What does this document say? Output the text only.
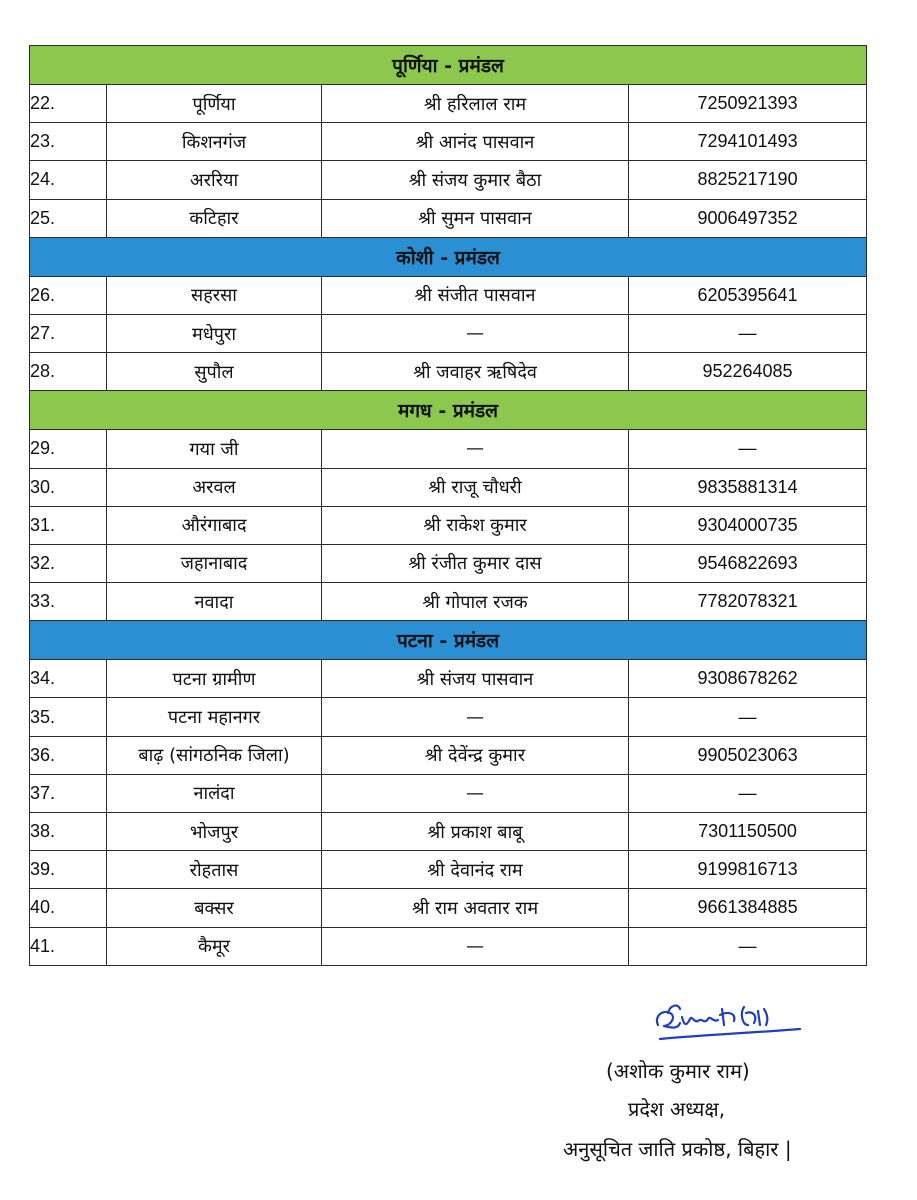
पूर्णिया - प्रमंडल			
22.	पूर्णिया	श्री हरिलाल राम	7250921393
23.	किशनगंज	श्री आनंद पासवान	7294101493
24.	अररिया	श्री संजय कुमार बैठा	8825217190
25.	कटिहार	श्री सुमन पासवान	9006497352
कोशी - प्रमंडल			
26.	सहरसा	श्री संजीत पासवान	6205395641
27.	मधेपुरा	—	—
28.	सुपौल	श्री जवाहर ऋषिदेव	952264085
मगध - प्रमंडल			
29.	गया जी	—	—
30.	अरवल	श्री राजू चौधरी	9835881314
31.	औरंगाबाद	श्री राकेश कुमार	9304000735
32.	जहानाबाद	श्री रंजीत कुमार दास	9546822693
33.	नवादा	श्री गोपाल रजक	7782078321
पटना - प्रमंडल			
34.	पटना ग्रामीण	श्री संजय पासवान	9308678262
35.	पटना महानगर	—	—
36.	बाढ़ (सांगठनिक जिला)	श्री देवेंन्द्र कुमार	9905023063
37.	नालंदा	—	—
38.	भोजपुर	श्री प्रकाश बाबू	7301150500
39.	रोहतास	श्री देवानंद राम	9199816713
40.	बक्सर	श्री राम अवतार राम	9661384885
41.	कैमूर	—	—
(अशोक कुमार राम)
प्रदेश अध्यक्ष,
अनुसूचित जाति प्रकोष्ठ, बिहार |
